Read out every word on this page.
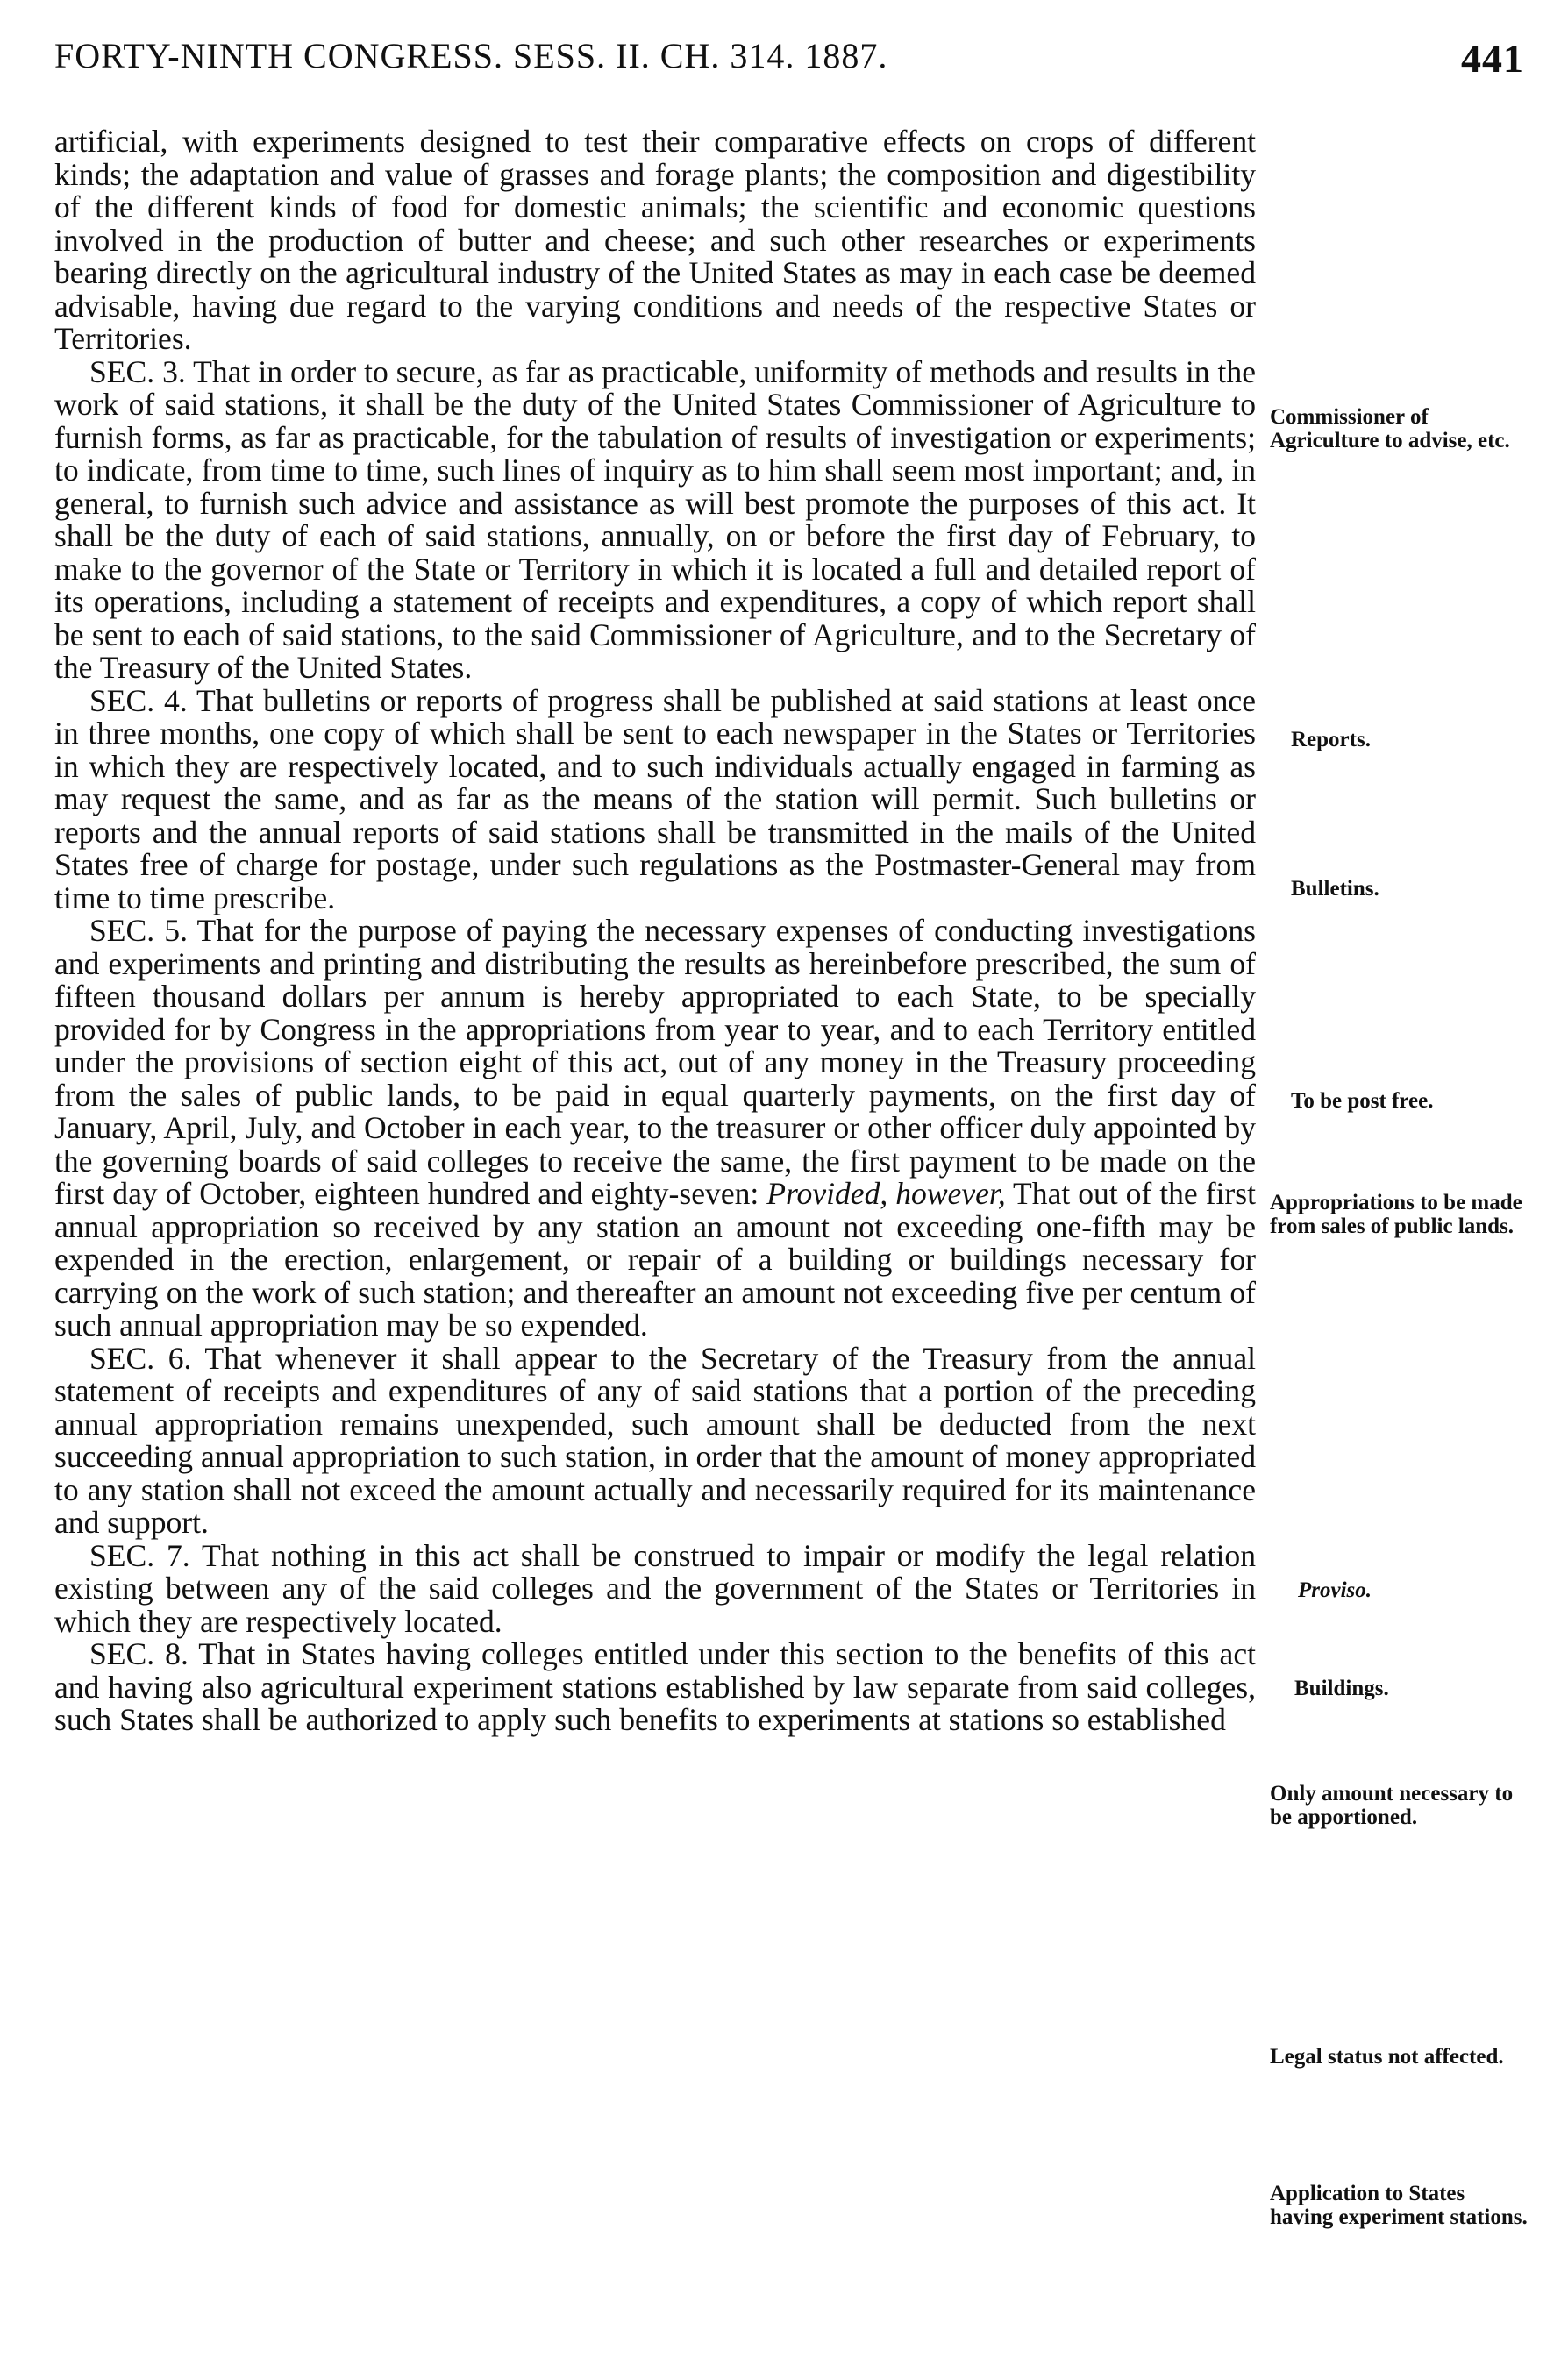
FORTY-NINTH CONGRESS. SESS. II. CH. 314. 1887.	441

artificial, with experiments designed to test their comparative effects on crops of different kinds; the adaptation and value of grasses and forage plants; the composition and digestibility of the different kinds of food for domestic animals; the scientific and economic questions involved in the production of butter and cheese; and such other researches or experiments bearing directly on the agricultural industry of the United States as may in each case be deemed advisable, having due regard to the varying conditions and needs of the respective States or Territories.

SEC. 3. That in order to secure, as far as practicable, uniformity of methods and results in the work of said stations, it shall be the duty of the United States Commissioner of Agriculture to furnish forms, as far as practicable, for the tabulation of results of investigation or experiments; to indicate, from time to time, such lines of inquiry as to him shall seem most important; and, in general, to furnish such advice and assistance as will best promote the purposes of this act. It shall be the duty of each of said stations, annually, on or before the first day of February, to make to the governor of the State or Territory in which it is located a full and detailed report of its operations, including a statement of receipts and expenditures, a copy of which report shall be sent to each of said stations, to the said Commissioner of Agriculture, and to the Secretary of the Treasury of the United States.

SEC. 4. That bulletins or reports of progress shall be published at said stations at least once in three months, one copy of which shall be sent to each newspaper in the States or Territories in which they are respectively located, and to such individuals actually engaged in farming as may request the same, and as far as the means of the station will permit. Such bulletins or reports and the annual reports of said stations shall be transmitted in the mails of the United States free of charge for postage, under such regulations as the Postmaster-General may from time to time prescribe.

SEC. 5. That for the purpose of paying the necessary expenses of conducting investigations and experiments and printing and distributing the results as hereinbefore prescribed, the sum of fifteen thousand dollars per annum is hereby appropriated to each State, to be specially provided for by Congress in the appropriations from year to year, and to each Territory entitled under the provisions of section eight of this act, out of any money in the Treasury proceeding from the sales of public lands, to be paid in equal quarterly payments, on the first day of January, April, July, and October in each year, to the treasurer or other officer duly appointed by the governing boards of said colleges to receive the same, the first payment to be made on the first day of October, eighteen hundred and eighty-seven: Provided, however, That out of the first annual appropriation so received by any station an amount not exceeding one-fifth may be expended in the erection, enlargement, or repair of a building or buildings necessary for carrying on the work of such station; and thereafter an amount not exceeding five per centum of such annual appropriation may be so expended.

SEC. 6. That whenever it shall appear to the Secretary of the Treasury from the annual statement of receipts and expenditures of any of said stations that a portion of the preceding annual appropriation remains unexpended, such amount shall be deducted from the next succeeding annual appropriation to such station, in order that the amount of money appropriated to any station shall not exceed the amount actually and necessarily required for its maintenance and support.

SEC. 7. That nothing in this act shall be construed to impair or modify the legal relation existing between any of the said colleges and the government of the States or Territories in which they are respectively located.

SEC. 8. That in States having colleges entitled under this section to the benefits of this act and having also agricultural experiment stations established by law separate from said colleges, such States shall be authorized to apply such benefits to experiments at stations so established

Commissioner of Agriculture to advise, etc.
Reports.
Bulletins.
To be post free.
Appropriations to be made from sales of public lands.
Proviso.
Buildings.
Only amount necessary to be apportioned.
Legal status not affected.
Application to States having experiment stations.
